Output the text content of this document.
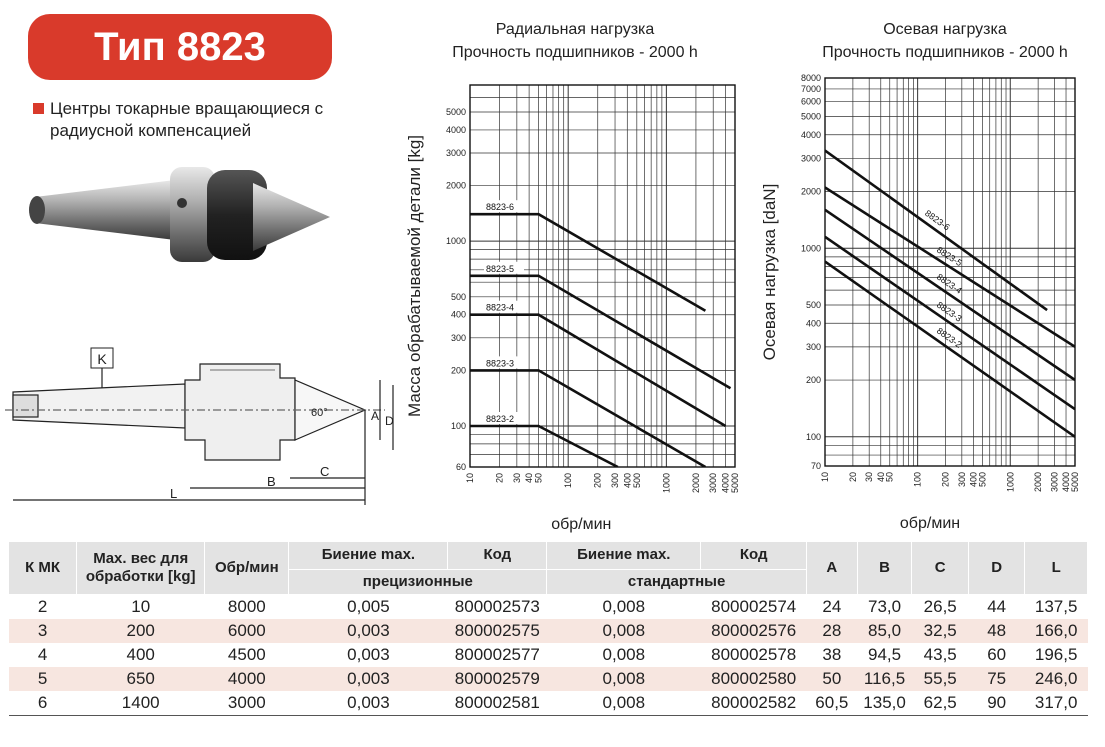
Тип 8823
Центры токарные вращающиеся с
радиусной компенсацией
K
L
B
C
A D
60°
Радиальная нагрузка
Прочность подшипников - 2000 h
Осевая нагрузка
Прочность подшипников - 2000 h
60
100
200
300
400
500
1000
2000
3000
4000
5000
10 20 30 40 50 100 200 300 400 500 1000 2000 3000 4000 5000
Масса обрабатываемой детали [kg]
обр/мин
8823-6
8823-5
8823-4
8823-3
8823-2
70
100
200
300
400
500
1000
2000
3000
4000
5000
6000
7000
8000
10 20 30 40
50 100 200 300 400
500 1000 2000 3000 4000
5000
Осевая нагрузка [daN]
обр/мин
8823-6
8823-5
8823-4
8823-3
8823-2
К МК	Max. вес для обработки [kg]	Обр/мин	Биение max.	Код	Биение max.	Код	A	B	C	D	L
			прецизионные		стандартные						
2	10	8000	0,005	800002573	0,008	800002574	24	73,0	26,5	44	137,5
3	200	6000	0,003	800002575	0,008	800002576	28	85,0	32,5	48	166,0
4	400	4500	0,003	800002577	0,008	800002578	38	94,5	43,5	60	196,5
5	650	4000	0,003	800002579	0,008	800002580	50	116,5	55,5	75	246,0
6	1400	3000	0,003	800002581	0,008	800002582	60,5	135,0	62,5	90	317,0
